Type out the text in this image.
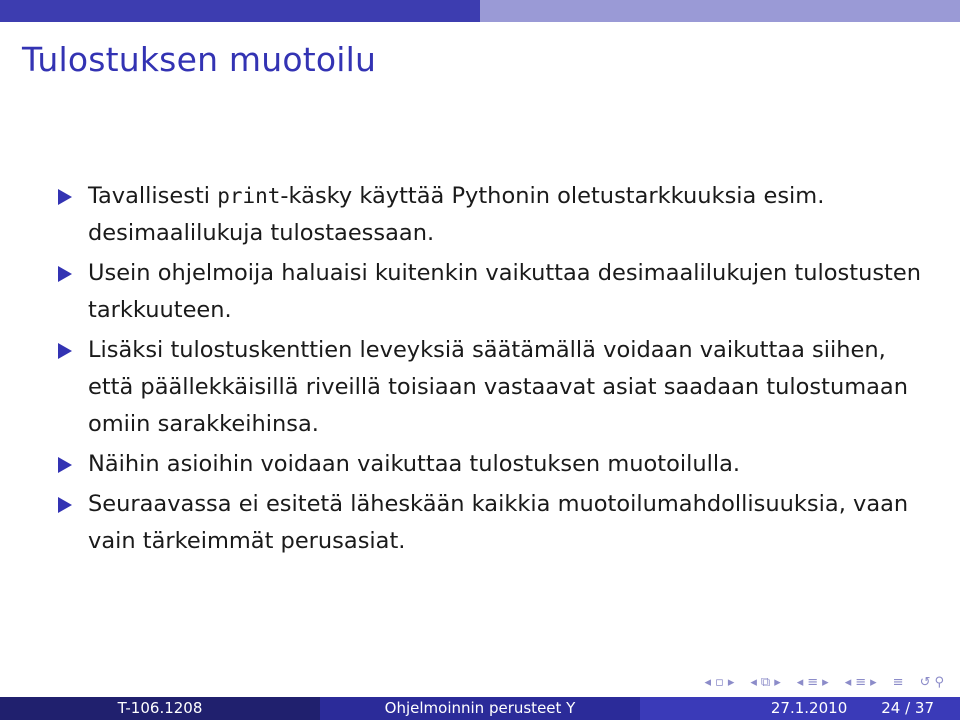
Tulostuksen muotoilu
Tavallisesti print-käsky käyttää Pythonin oletustarkkuuksia esim. desimaalilukuja tulostaessaan.
Usein ohjelmoija haluaisi kuitenkin vaikuttaa desimaalilukujen tulostusten tarkkuuteen.
Lisäksi tulostuskenttien leveyksiä säätämällä voidaan vaikuttaa siihen, että päällekkäisillä riveillä toisiaan vastaavat asiat saadaan tulostumaan omiin sarakkeihinsa.
Näihin asioihin voidaan vaikuttaa tulostuksen muotoilulla.
Seuraavassa ei esitetä läheskään kaikkia muotoilumahdollisuuksia, vaan vain tärkeimmät perusasiat.
◂ ▫ ▸ ◂ ⧉ ▸ ◂ ≡ ▸ ◂ ≡ ▸ ≡ ↺ ⚲
T-106.1208	Ohjelmoinnin perusteet Y	27.1.2010 24 / 37
